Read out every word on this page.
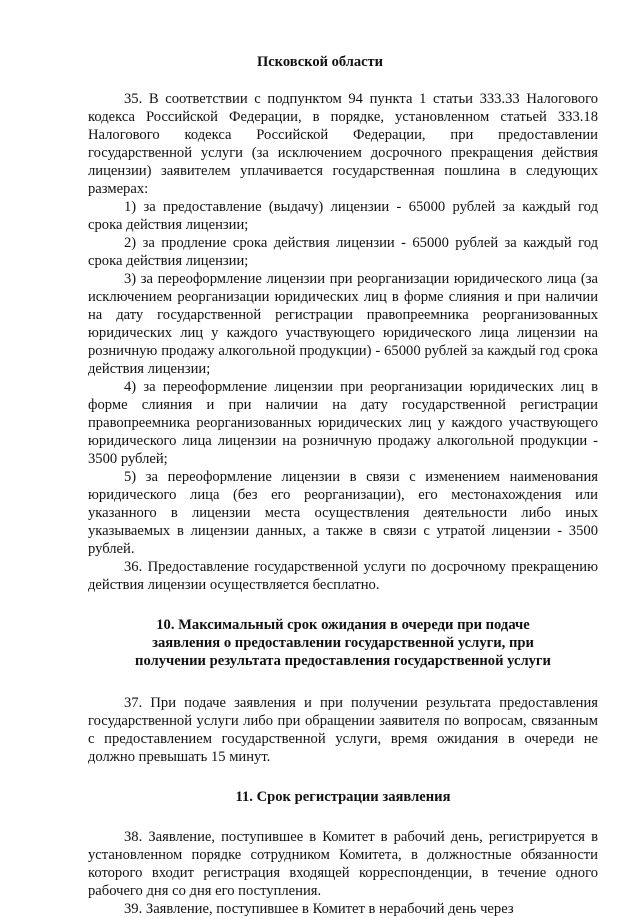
Псковской области

35. В соответствии с подпунктом 94 пункта 1 статьи 333.33 Налогового кодекса Российской Федерации, в порядке, установленном статьей 333.18 Налогового кодекса Российской Федерации, при предоставлении государственной услуги (за исключением досрочного прекращения действия лицензии) заявителем уплачивается государственная пошлина в следующих размерах:

1) за предоставление (выдачу) лицензии - 65000 рублей за каждый год срока действия лицензии;

2) за продление срока действия лицензии - 65000 рублей за каждый год срока действия лицензии;

3) за переоформление лицензии при реорганизации юридического лица (за исключением реорганизации юридических лиц в форме слияния и при наличии на дату государственной регистрации правопреемника реорганизованных юридических лиц у каждого участвующего юридического лица лицензии на розничную продажу алкогольной продукции) - 65000 рублей за каждый год срока действия лицензии;

4) за переоформление лицензии при реорганизации юридических лиц в форме слияния и при наличии на дату государственной регистрации правопреемника реорганизованных юридических лиц у каждого участвующего юридического лица лицензии на розничную продажу алкогольной продукции - 3500 рублей;

5) за переоформление лицензии в связи с изменением наименования юридического лица (без его реорганизации), его местонахождения или указанного в лицензии места осуществления деятельности либо иных указываемых в лицензии данных, а также в связи с утратой лицензии - 3500 рублей.

36. Предоставление государственной услуги по досрочному прекращению действия лицензии осуществляется бесплатно.

10. Максимальный срок ожидания в очереди при подаче

заявления о предоставлении государственной услуги, при

получении результата предоставления государственной услуги

37. При подаче заявления и при получении результата предоставления государственной услуги либо при обращении заявителя по вопросам, связанным с предоставлением государственной услуги, время ожидания в очереди не должно превышать 15 минут.

11. Срок регистрации заявления

38. Заявление, поступившее в Комитет в рабочий день, регистрируется в установленном порядке сотрудником Комитета, в должностные обязанности которого входит регистрация входящей корреспонденции, в течение одного рабочего дня со дня его поступления.

39. Заявление, поступившее в Комитет в нерабочий день через
